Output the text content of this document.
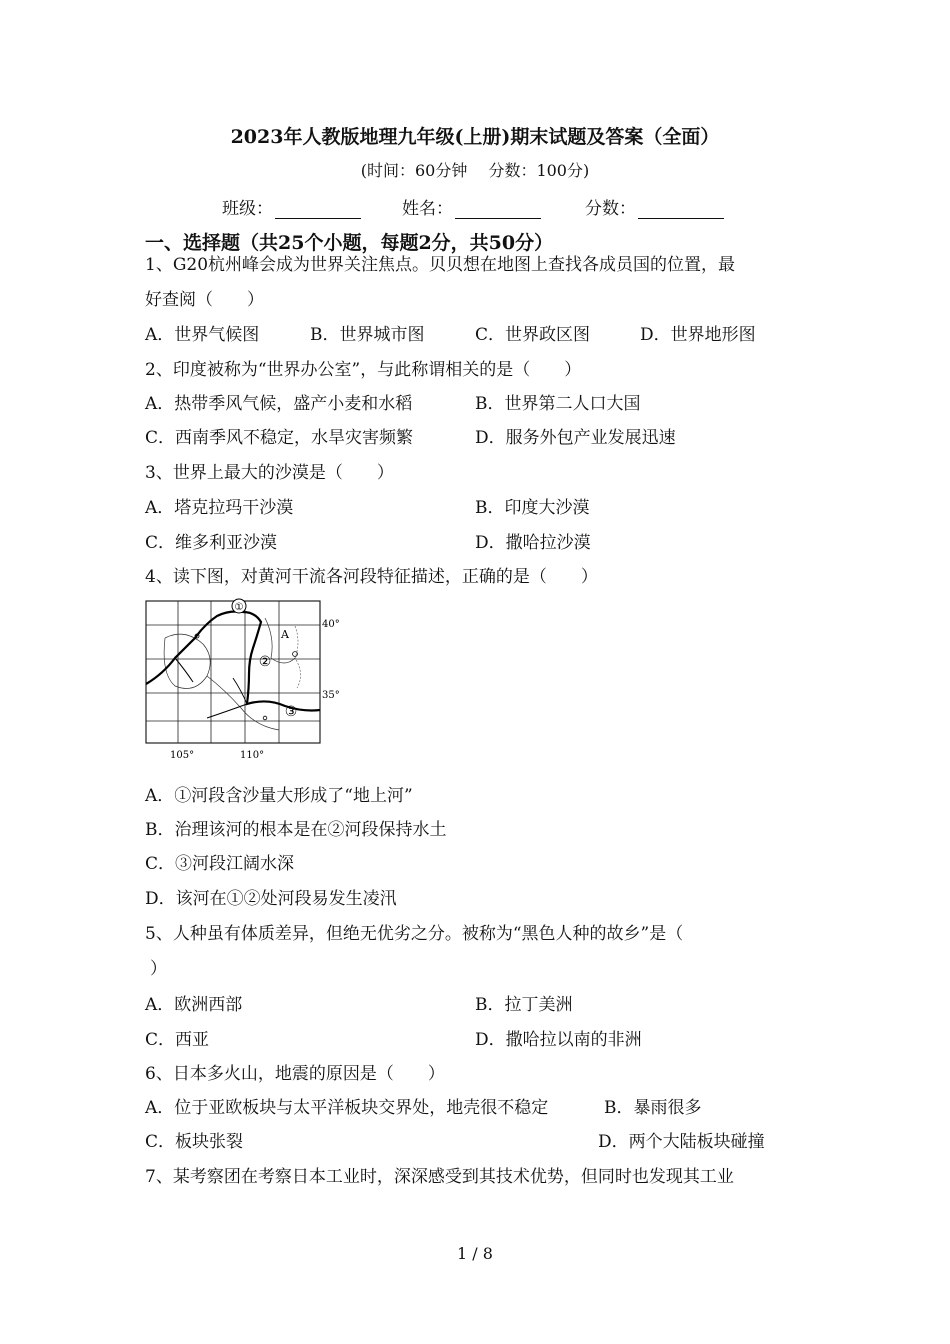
2023年人教版地理九年级(上册)期末试题及答案（全面）
(时间：60分钟　 分数：100分)
班级：	姓名：	分数：
一、选择题（共25个小题，每题2分，共50分）
1、G20杭州峰会成为世界关注焦点。贝贝想在地图上查找各成员国的位置，最
好查阅（　　）
A．世界气候图	B．世界城市图	C．世界政区图	D．世界地形图
2、印度被称为“世界办公室”，与此称谓相关的是（　　）
A．热带季风气候，盛产小麦和水稻	B．世界第二人口大国
C．西南季风不稳定，水旱灾害频繁	D．服务外包产业发展迅速
3、世界上最大的沙漠是（　　）
A．塔克拉玛干沙漠	B．印度大沙漠
C．维多利亚沙漠	D．撒哈拉沙漠
4、读下图，对黄河干流各河段特征描述，正确的是（　　）
①
②
③
A
40°
35°
105°	110°
A．①河段含沙量大形成了“地上河”
B．治理该河的根本是在②河段保持水土
C．③河段江阔水深
D．该河在①②处河段易发生凌汛
5、人种虽有体质差异，但绝无优劣之分。被称为“黑色人种的故乡”是（
）
A．欧洲西部	B．拉丁美洲
C．西亚	D．撒哈拉以南的非洲
6、日本多火山，地震的原因是（　　）
A．位于亚欧板块与太平洋板块交界处，地壳很不稳定	B．暴雨很多
C．板块张裂	D．两个大陆板块碰撞
7、某考察团在考察日本工业时，深深感受到其技术优势，但同时也发现其工业
1 / 8
